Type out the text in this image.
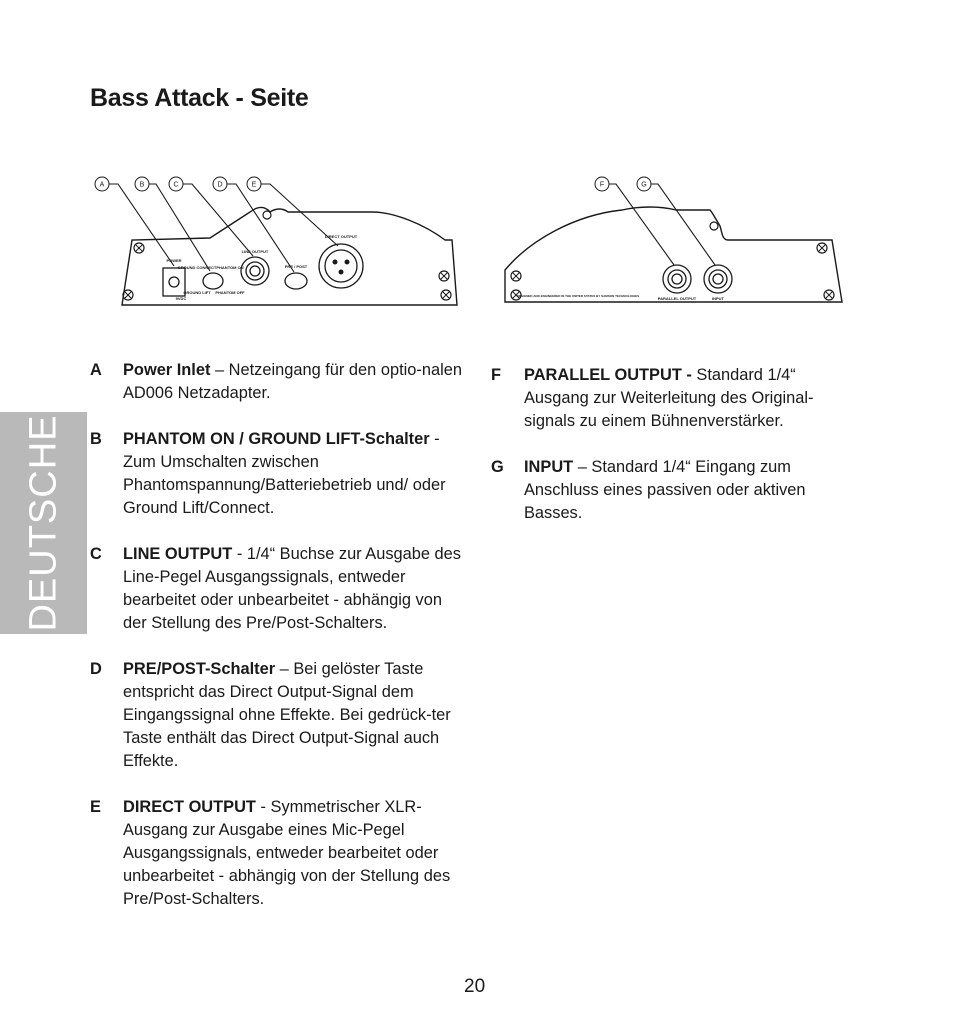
Bass Attack - Seite
DEUTSCHE
A	B	C	D	E	F	G
POWER
9VDC
GROUND CONNECT
GROUND LIFT
PHANTOM ON
PHANTOM OFF
LINE OUTPUT
PRE / POST
DIRECT OUTPUT
PARALLEL OUTPUT	INPUT
DESIGNED AND ENGINEERED IN THE UNITED STATES BY SAMSON TECHNOLOGIES
A Power Inlet – Netzeingang für den optio-nalen AD006 Netzadapter.
B PHANTOM ON / GROUND LIFT-Schalter - Zum Umschalten zwischen Phantomspannung/Batteriebetrieb und/ oder Ground Lift/Connect.
C LINE OUTPUT - 1/4“ Buchse zur Ausgabe des Line-Pegel Ausgangssignals, entweder bearbeitet oder unbearbeitet - abhängig von der Stellung des Pre/Post-Schalters.
D PRE/POST-Schalter – Bei gelöster Taste entspricht das Direct Output-Signal dem Eingangssignal ohne Effekte. Bei gedrück-ter Taste enthält das Direct Output-Signal auch Effekte.
E DIRECT OUTPUT - Symmetrischer XLR-Ausgang zur Ausgabe eines Mic-Pegel Ausgangssignals, entweder bearbeitet oder unbearbeitet - abhängig von der Stellung des Pre/Post-Schalters.
F PARALLEL OUTPUT - Standard 1/4“ Ausgang zur Weiterleitung des Original-signals zu einem Bühnenverstärker.
G INPUT – Standard 1/4“ Eingang zum Anschluss eines passiven oder aktiven Basses.
20
